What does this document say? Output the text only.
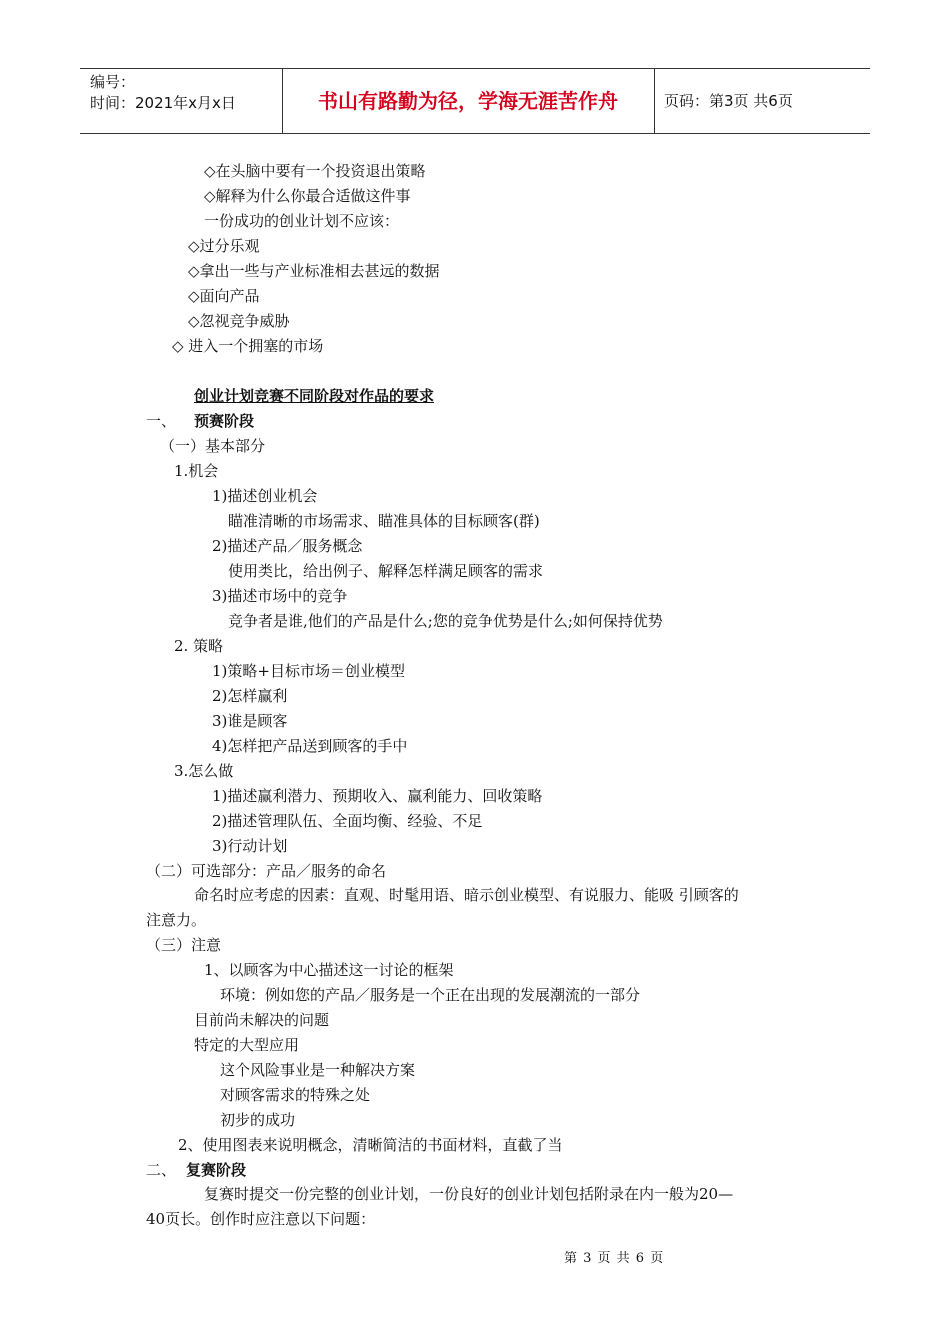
编号：
时间：2021年x月x日	书山有路勤为径，学海无涯苦作舟	页码：第3页 共6页
◇在头脑中要有一个投资退出策略
◇解释为什么你最合适做这件事
一份成功的创业计划不应该：
◇过分乐观
◇拿出一些与产业标准相去甚远的数据
◇面向产品
◇忽视竞争威胁
◇ 进入一个拥塞的市场
创业计划竞赛不同阶段对作品的要求
一、 预赛阶段
（一）基本部分
1.机会
1)描述创业机会
瞄准清晰的市场需求、瞄准具体的目标顾客(群)
2)描述产品／服务概念
使用类比，给出例子、解释怎样满足顾客的需求
3)描述市场中的竞争
竞争者是谁,他们的产品是什么;您的竞争优势是什么;如何保持优势
2. 策略
1)策略+目标市场＝创业模型
2)怎样赢利
3)谁是顾客
4)怎样把产品送到顾客的手中
3.怎么做
1)描述赢利潜力、预期收入、赢利能力、回收策略
2)描述管理队伍、全面均衡、经验、不足
3)行动计划
（二）可选部分：产品／服务的命名
命名时应考虑的因素：直观、时髦用语、暗示创业模型、有说服力、能吸 引顾客的
注意力。
（三）注意
1、以顾客为中心描述这一讨论的框架
环境：例如您的产品／服务是一个正在出现的发展潮流的一部分
目前尚未解决的问题
特定的大型应用
这个风险事业是一种解决方案
对顾客需求的特殊之处
初步的成功
2、使用图表来说明概念，清晰简洁的书面材料，直截了当
二、 复赛阶段
复赛时提交一份完整的创业计划，一份良好的创业计划包括附录在内一般为20—
40页长。创作时应注意以下问题：
第 3 页 共 6 页
